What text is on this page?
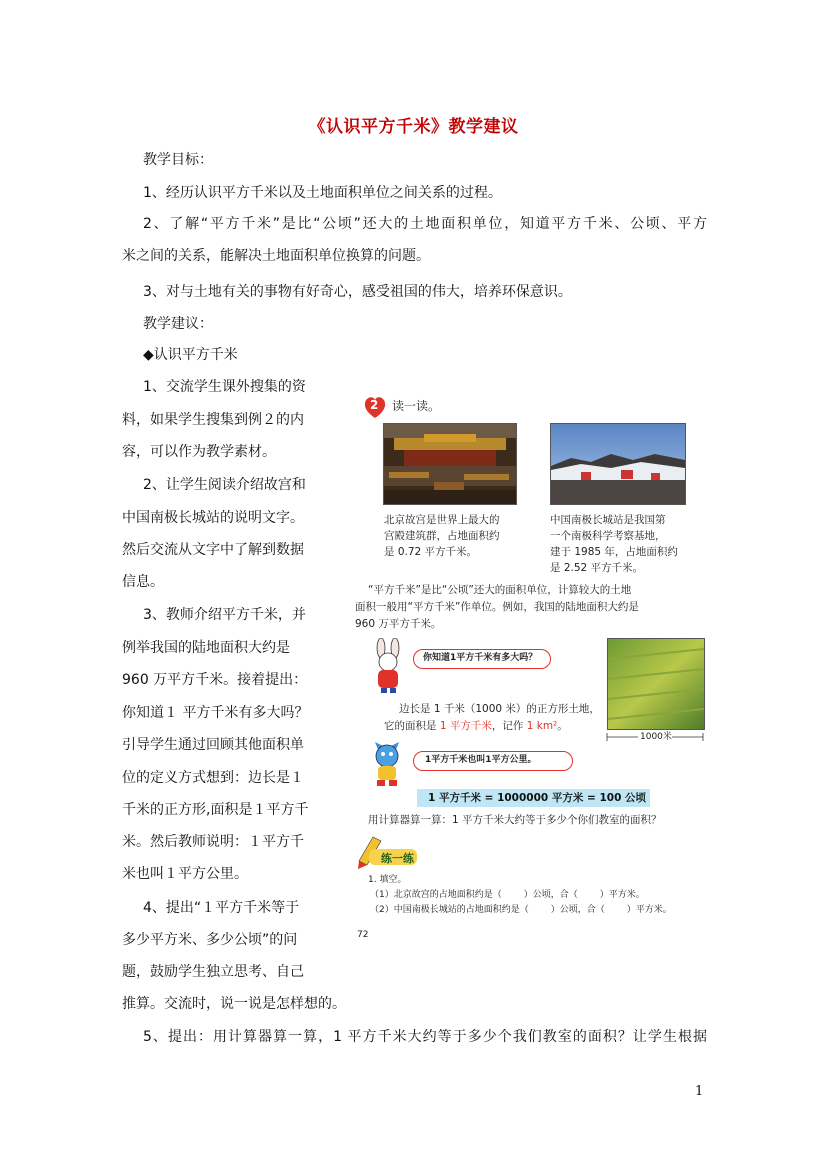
《认识平方千米》教学建议
教学目标：
1、经历认识平方千米以及土地面积单位之间关系的过程。
2、了解“平方千米”是比“公顷”还大的土地面积单位，知道平方千米、公顷、平方
米之间的关系，能解决土地面积单位换算的问题。
3、对与土地有关的事物有好奇心，感受祖国的伟大，培养环保意识。
教学建议：
◆认识平方千米
1、交流学生课外搜集的资
料，如果学生搜集到例２的内
容，可以作为教学素材。
2、让学生阅读介绍故宫和
中国南极长城站的说明文字。
然后交流从文字中了解到数据
信息。
3、教师介绍平方千米，并
例举我国的陆地面积大约是
960 万平方千米。接着提出：
你知道１ 平方千米有多大吗？
引导学生通过回顾其他面积单
位的定义方式想到：边长是１
千米的正方形,面积是１平方千
米。然后教师说明：１平方千
米也叫１平方公里。
4、提出“１平方千米等于
多少平方米、多少公顷”的问
题，鼓励学生独立思考、自己
推算。交流时，说一说是怎样想的。
5、提出：用计算器算一算，1 平方千米大约等于多少个我们教室的面积？让学生根据
1
2 读一读。
北京故宫是世界上最大的
宫殿建筑群，占地面积约
是 0.72 平方千米。
中国南极长城站是我国第
一个南极科学考察基地，
建于 1985 年，占地面积约
是 2.52 平方千米。
“平方千米”是比“公顷”还大的面积单位，计算较大的土地
面积一般用“平方千米”作单位。例如，我国的陆地面积大约是
960 万平方千米。
你知道1平方千米有多大吗？
1000米
边长是 1 千米（1000 米）的正方形土地，
它的面积是 1 平方千米，记作 1 km²。
1平方千米也叫1平方公里。
1 平方千米 = 1000000 平方米 = 100 公顷
用计算器算一算：1 平方千米大约等于多少个你们教室的面积？
练一练
1. 填空。
（1）北京故宫的占地面积约是（ ）公顷，合（ ）平方米。
（2）中国南极长城站的占地面积约是（ ）公顷，合（ ）平方米。
72
